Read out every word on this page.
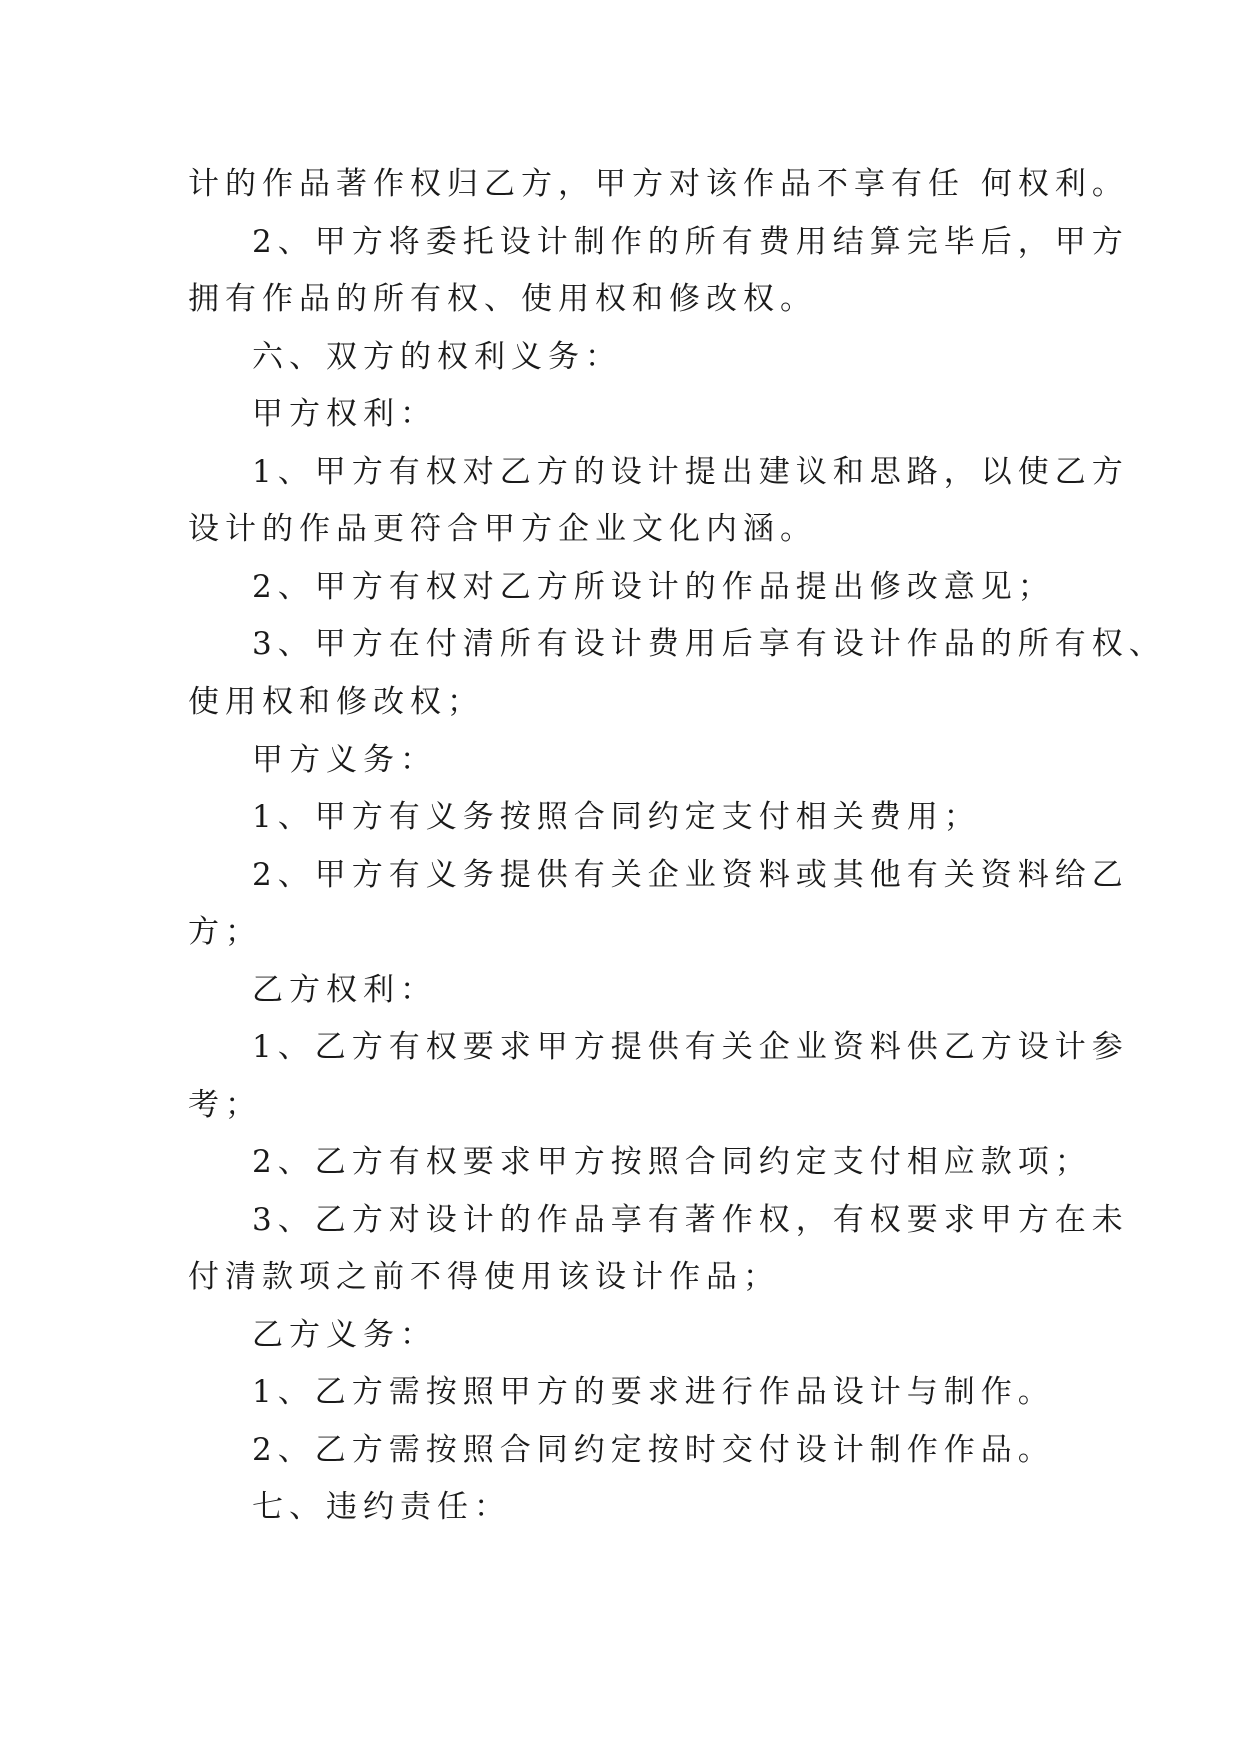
计的作品著作权归乙方，甲方对该作品不享有任 何权利。
2、甲方将委托设计制作的所有费用结算完毕后，甲方
拥有作品的所有权、使用权和修改权。
六、双方的权利义务：
甲方权利：
1、甲方有权对乙方的设计提出建议和思路，以使乙方
设计的作品更符合甲方企业文化内涵。
2、甲方有权对乙方所设计的作品提出修改意见；
3、甲方在付清所有设计费用后享有设计作品的所有权、
使用权和修改权；
甲方义务：
1、甲方有义务按照合同约定支付相关费用；
2、甲方有义务提供有关企业资料或其他有关资料给乙
方；
乙方权利：
1、乙方有权要求甲方提供有关企业资料供乙方设计参
考；
2、乙方有权要求甲方按照合同约定支付相应款项；
3、乙方对设计的作品享有著作权，有权要求甲方在未
付清款项之前不得使用该设计作品；
乙方义务：
1、乙方需按照甲方的要求进行作品设计与制作。
2、乙方需按照合同约定按时交付设计制作作品。
七、违约责任：
